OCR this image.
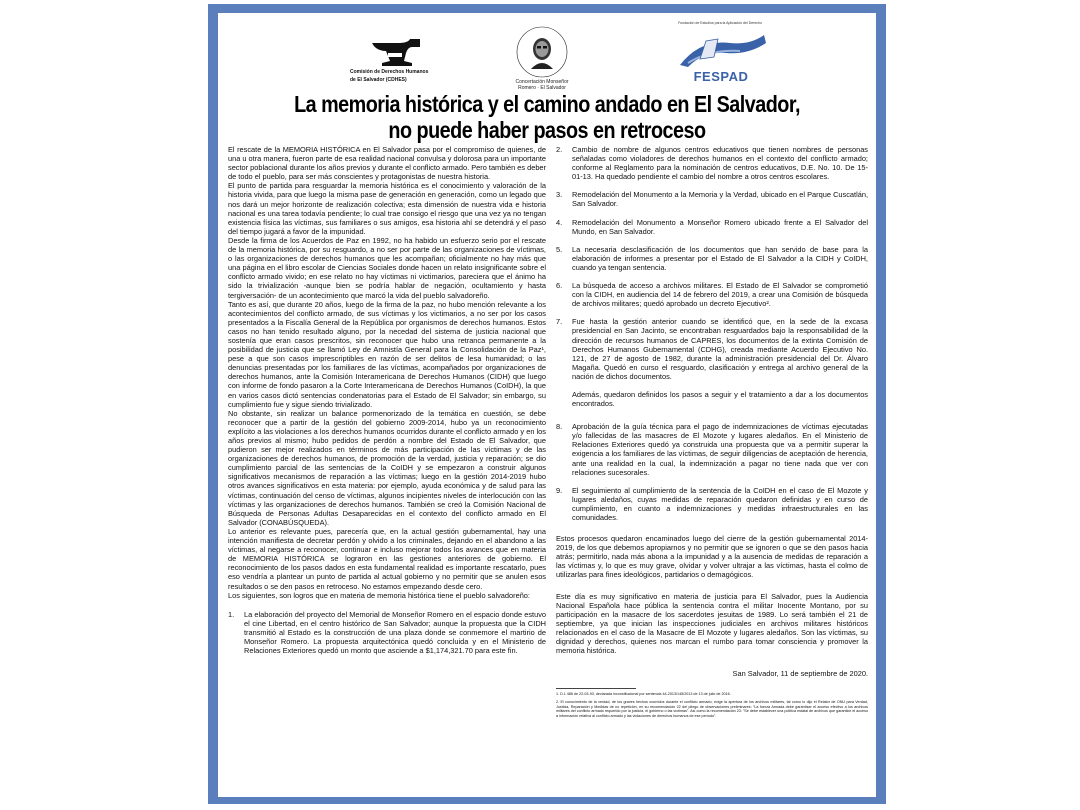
Comisión de Derechos Humanos
de El Salvador (CDHES)	Concertación Monseñor Romero · El Salvador
Fundación de Estudios para la Aplicación del Derecho
FESPAD
La memoria histórica y el camino andado en El Salvador,
no puede haber pasos en retroceso

El rescate de la MEMORIA HISTÓRICA en El Salvador pasa por el compromiso de quienes, de una u otra manera, fueron parte de esa realidad nacional convulsa y dolorosa para un importante sector poblacional durante los años previos y durante el conflicto armado. Pero también es deber de todo el pueblo, para ser más conscientes y protagonistas de nuestra historia.

El punto de partida para resguardar la memoria histórica es el conocimiento y valoración de la historia vivida, para que luego la misma pase de generación en generación, como un legado que nos dará un mejor horizonte de realización colectiva; esta dimensión de nuestra vida e historia nacional es una tarea todavía pendiente; lo cual trae consigo el riesgo que una vez ya no tengan existencia física las víctimas, sus familiares o sus amigos, esa historia ahí se detendrá y el paso del tiempo jugará a favor de la impunidad.

Desde la firma de los Acuerdos de Paz en 1992, no ha habido un esfuerzo serio por el rescate de la memoria histórica, por su resguardo, a no ser por parte de las organizaciones de víctimas, o las organizaciones de derechos humanos que les acompañan; oficialmente no hay más que una página en el libro escolar de Ciencias Sociales donde hacen un relato insignificante sobre el conflicto armado vivido; en ese relato no hay víctimas ni victimarios, pareciera que el ánimo ha sido la trivialización -aunque bien se podría hablar de negación, ocultamiento y hasta tergiversación- de un acontecimiento que marcó la vida del pueblo salvadoreño.

Tanto es así, que durante 20 años, luego de la firma de la paz, no hubo mención relevante a los acontecimientos del conflicto armado, de sus víctimas y los victimarios, a no ser por los casos presentados a la Fiscalía General de la República por organismos de derechos humanos. Estos casos no han tenido resultado alguno, por la necedad del sistema de justicia nacional que sostenía que eran casos prescritos, sin reconocer que hubo una retranca permanente a la posibilidad de justicia que se llamó Ley de Amnistía General para la Consolidación de la Paz¹, pese a que son casos imprescriptibles en razón de ser delitos de lesa humanidad; o las denuncias presentadas por los familiares de las víctimas, acompañados por organizaciones de derechos humanos, ante la Comisión Interamericana de Derechos Humanos (CIDH) que luego con informe de fondo pasaron a la Corte Interamericana de Derechos Humanos (CoIDH), la que en varios casos dictó sentencias condenatorias para el Estado de El Salvador; sin embargo, su cumplimiento fue y sigue siendo trivializado.

No obstante, sin realizar un balance pormenorizado de la temática en cuestión, se debe reconocer que a partir de la gestión del gobierno 2009-2014, hubo ya un reconocimiento explícito a las violaciones a los derechos humanos ocurridos durante el conflicto armado y en los años previos al mismo; hubo pedidos de perdón a nombre del Estado de El Salvador, que pudieron ser mejor realizados en términos de más participación de las víctimas y de las organizaciones de derechos humanos, de promoción de la verdad, justicia y reparación; se dio cumplimiento parcial de las sentencias de la CoIDH y se empezaron a construir algunos significativos mecanismos de reparación a las víctimas; luego en la gestión 2014-2019 hubo otros avances significativos en esta materia: por ejemplo, ayuda económica y de salud para las víctimas, continuación del censo de víctimas, algunos incipientes niveles de interlocución con las víctimas y las organizaciones de derechos humanos. También se creó la Comisión Nacional de Búsqueda de Personas Adultas Desaparecidas en el contexto del conflicto armado en El Salvador (CONABÚSQUEDA).

Lo anterior es relevante pues, parecería que, en la actual gestión gubernamental, hay una intención manifiesta de decretar perdón y olvido a los criminales, dejando en el abandono a las víctimas, al negarse a reconocer, continuar e incluso mejorar todos los avances que en materia de MEMORIA HISTÓRICA se lograron en las gestiones anteriores de gobierno. El reconocimiento de los pasos dados en esta fundamental realidad es importante rescatarlo, pues eso vendría a plantear un punto de partida al actual gobierno y no permitir que se anulen esos resultados o se den pasos en retroceso. No estamos empezando desde cero.

Los siguientes, son logros que en materia de memoria histórica tiene el pueblo salvadoreño:

1.	La elaboración del proyecto del Memorial de Monseñor Romero en el espacio donde estuvo el cine Libertad, en el centro histórico de San Salvador; aunque la propuesta que la CIDH transmitió al Estado es la construcción de una plaza donde se conmemore el martirio de Monseñor Romero. La propuesta arquitectónica quedó concluida y en el Ministerio de Relaciones Exteriores quedó un monto que asciende a $1,174,321.70 para este fin.
2.	Cambio de nombre de algunos centros educativos que tienen nombres de personas señaladas como violadores de derechos humanos en el contexto del conflicto armado; conforme al Reglamento para la nominación de centros educativos, D.E. No. 10. De 15-01-13. Ha quedado pendiente el cambio del nombre a otros centros escolares.
3.	Remodelación del Monumento a la Memoria y la Verdad, ubicado en el Parque Cuscatlán, San Salvador.
4.	Remodelación del Monumento a Monseñor Romero ubicado frente a El Salvador del Mundo, en San Salvador.
5.	La necesaria desclasificación de los documentos que han servido de base para la elaboración de informes a presentar por el Estado de El Salvador a la CIDH y CoIDH, cuando ya tengan sentencia.
6.	La búsqueda de acceso a archivos militares. El Estado de El Salvador se comprometió con la CIDH, en audiencia del 14 de febrero del 2019, a crear una Comisión de búsqueda de archivos militares; quedó aprobado un decreto Ejecutivo².
7.	Fue hasta la gestión anterior cuando se identificó que, en la sede de la excasa presidencial en San Jacinto, se encontraban resguardados bajo la responsabilidad de la dirección de recursos humanos de CAPRES, los documentos de la extinta Comisión de Derechos Humanos Gubernamental (CDHG), creada mediante Acuerdo Ejecutivo No. 121, de 27 de agosto de 1982, durante la administración presidencial del Dr. Álvaro Magaña. Quedó en curso el resguardo, clasificación y entrega al archivo general de la nación de dichos documentos.

Además, quedaron definidos los pasos a seguir y el tratamiento a dar a los documentos encontrados.

8.	Aprobación de la guía técnica para el pago de indemnizaciones de víctimas ejecutadas y/o fallecidas de las masacres de El Mozote y lugares aledaños. En el Ministerio de Relaciones Exteriores quedó ya construida una propuesta que va a permitir superar la exigencia a los familiares de las víctimas, de seguir diligencias de aceptación de herencia, ante una realidad en la cual, la indemnización a pagar no tiene nada que ver con relaciones sucesorales.
9.	El seguimiento al cumplimiento de la sentencia de la CoIDH en el caso de El Mozote y lugares aledaños, cuyas medidas de reparación quedaron definidas y en curso de cumplimiento, en cuanto a indemnizaciones y medidas infraestructurales en las comunidades.

Estos procesos quedaron encaminados luego del cierre de la gestión gubernamental 2014-2019, de los que debemos apropiarnos y no permitir que se ignoren o que se den pasos hacia atrás; permitirlo, nada más abona a la impunidad y a la ausencia de medidas de reparación a las víctimas y, lo que es muy grave, olvidar y volver ultrajar a las víctimas, hasta el colmo de utilizarlas para fines ideológicos, partidarios o demagógicos.

Este día es muy significativo en materia de justicia para El Salvador, pues la Audiencia Nacional Española hace pública la sentencia contra el militar Inocente Montano, por su participación en la masacre de los sacerdotes jesuitas de 1989. Lo será también el 21 de septiembre, ya que inician las inspecciones judiciales en archivos militares históricos relacionados en el caso de la Masacre de El Mozote y lugares aledaños. Son las víctimas, su dignidad y derechos, quienes nos marcan el rumbo para tomar consciencia y promover la memoria histórica.

San Salvador, 11 de septiembre de 2020.

1. D.L 486 de 22-03-93, declarada inconstitucional por sentencia 44-2013/145/2013 de 13 de julio de 2016.

2. El conocimiento de la verdad, de los graves hechos ocurridos durante el conflicto armado, exige la apertura de los archivos militares, tal como lo dijo el Relator de ONU para Verdad, Justicia, Reparación y Medidas de no repetición, en su recomendación 22 del pliego de observaciones preliminares: "La fuerza Armada debe garantizar el acceso efectivo a los archivos militares del conflicto armado requerido por la justicia, el gobierno o las víctimas". Así como la recomendación 23: "Se debe establecer una política estatal de archivos que garantice el acceso a información relativa al conflicto armado y las violaciones de derechos humanos de ese período".
